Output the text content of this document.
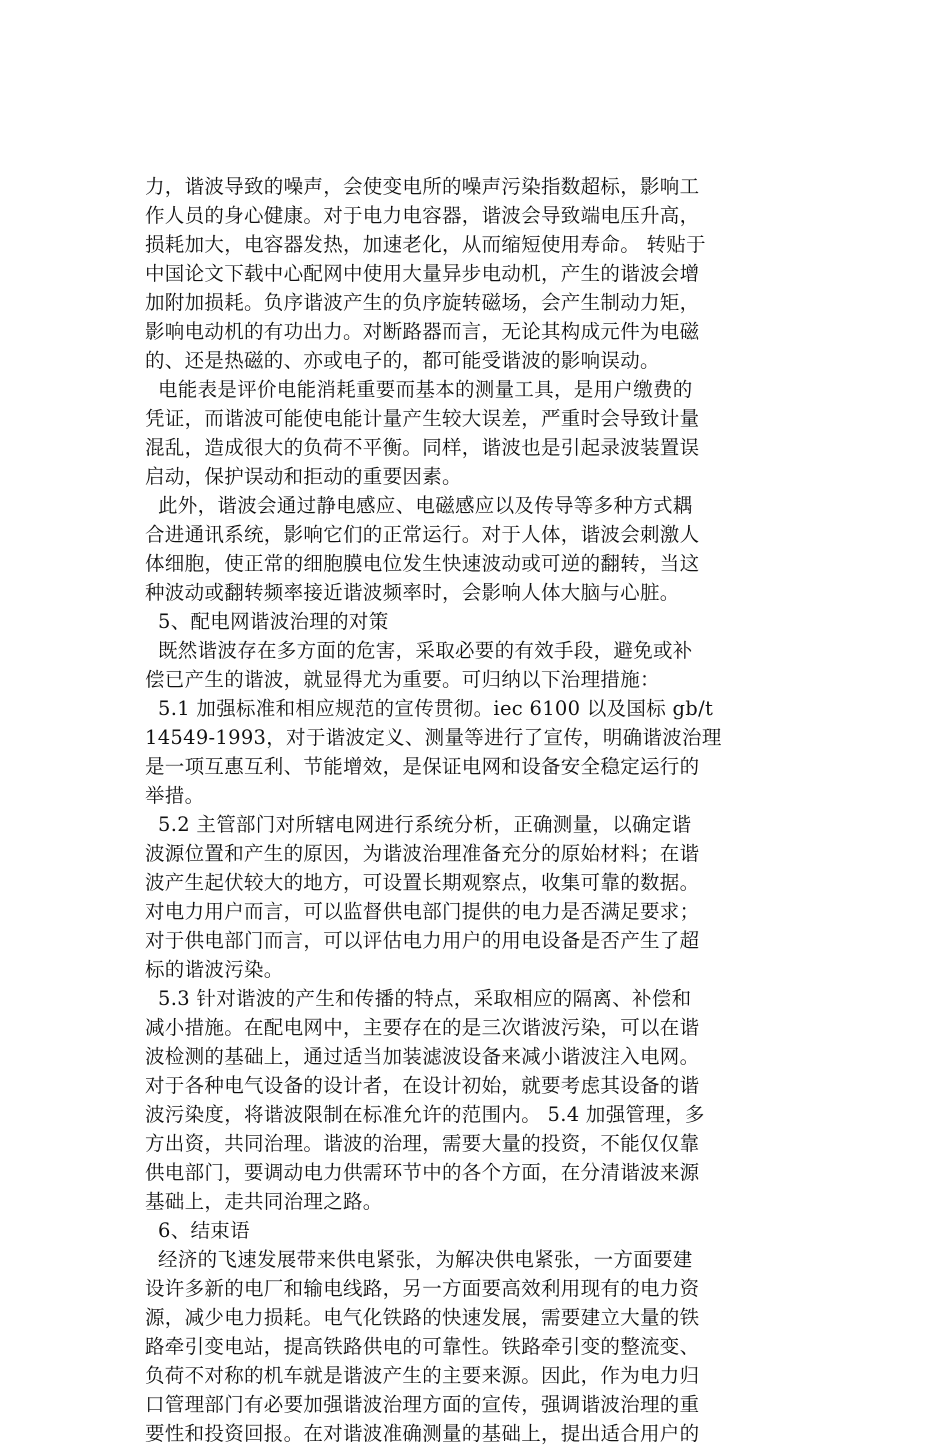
力，谐波导致的噪声，会使变电所的噪声污染指数超标，影响工
作人员的身心健康。对于电力电容器，谐波会导致端电压升高，
损耗加大，电容器发热，加速老化，从而缩短使用寿命。 转贴于
中国论文下载中心配网中使用大量异步电动机，产生的谐波会增
加附加损耗。负序谐波产生的负序旋转磁场，会产生制动力矩，
影响电动机的有功出力。对断路器而言，无论其构成元件为电磁
的、还是热磁的、亦或电子的，都可能受谐波的影响误动。
电能表是评价电能消耗重要而基本的测量工具，是用户缴费的
凭证，而谐波可能使电能计量产生较大误差，严重时会导致计量
混乱，造成很大的负荷不平衡。同样，谐波也是引起录波装置误
启动，保护误动和拒动的重要因素。
此外，谐波会通过静电感应、电磁感应以及传导等多种方式耦
合进通讯系统，影响它们的正常运行。对于人体，谐波会刺激人
体细胞，使正常的细胞膜电位发生快速波动或可逆的翻转，当这
种波动或翻转频率接近谐波频率时，会影响人体大脑与心脏。
5、配电网谐波治理的对策
既然谐波存在多方面的危害，采取必要的有效手段，避免或补
偿已产生的谐波，就显得尤为重要。可归纳以下治理措施：
5.1 加强标准和相应规范的宣传贯彻。iec 6100 以及国标 gb/t
14549-1993，对于谐波定义、测量等进行了宣传，明确谐波治理
是一项互惠互利、节能增效，是保证电网和设备安全稳定运行的
举措。
5.2 主管部门对所辖电网进行系统分析，正确测量，以确定谐
波源位置和产生的原因，为谐波治理准备充分的原始材料；在谐
波产生起伏较大的地方，可设置长期观察点，收集可靠的数据。
对电力用户而言，可以监督供电部门提供的电力是否满足要求；
对于供电部门而言，可以评估电力用户的用电设备是否产生了超
标的谐波污染。
5.3 针对谐波的产生和传播的特点，采取相应的隔离、补偿和
减小措施。在配电网中，主要存在的是三次谐波污染，可以在谐
波检测的基础上，通过适当加装滤波设备来减小谐波注入电网。
对于各种电气设备的设计者，在设计初始，就要考虑其设备的谐
波污染度，将谐波限制在标准允许的范围内。 5.4 加强管理，多
方出资，共同治理。谐波的治理，需要大量的投资，不能仅仅靠
供电部门，要调动电力供需环节中的各个方面，在分清谐波来源
基础上，走共同治理之路。
6、结束语
经济的飞速发展带来供电紧张，为解决供电紧张，一方面要建
设许多新的电厂和输电线路，另一方面要高效利用现有的电力资
源，减少电力损耗。电气化铁路的快速发展，需要建立大量的铁
路牵引变电站，提高铁路供电的可靠性。铁路牵引变的整流变、
负荷不对称的机车就是谐波产生的主要来源。因此，作为电力归
口管理部门有必要加强谐波治理方面的宣传，强调谐波治理的重
要性和投资回报。在对谐波准确测量的基础上，提出适合用户的
